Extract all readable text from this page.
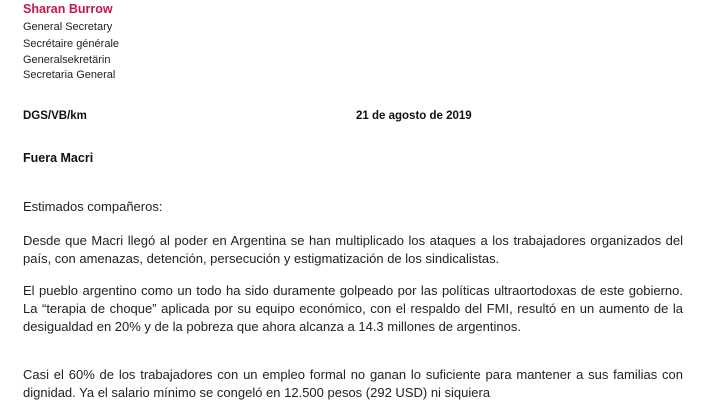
Sharan Burrow
General Secretary
Secrétaire générale
Generalsekretärin
Secretaria General
DGS/VB/km	21 de agosto de 2019
Fuera Macri
Estimados compañeros:
Desde que Macri llegó al poder en Argentina se han multiplicado los ataques a los trabajadores organizados del país, con amenazas, detención, persecución y estigmatización de los sindicalistas.
El pueblo argentino como un todo ha sido duramente golpeado por las políticas ultraortodoxas de este gobierno. La “terapia de choque” aplicada por su equipo económico, con el respaldo del FMI, resultó en un aumento de la desigualdad en 20% y de la pobreza que ahora alcanza a 14.3 millones de argentinos.
Casi el 60% de los trabajadores con un empleo formal no ganan lo suficiente para mantener a sus familias con dignidad. Ya el salario mínimo se congeló en 12.500 pesos (292 USD) ni siquiera
